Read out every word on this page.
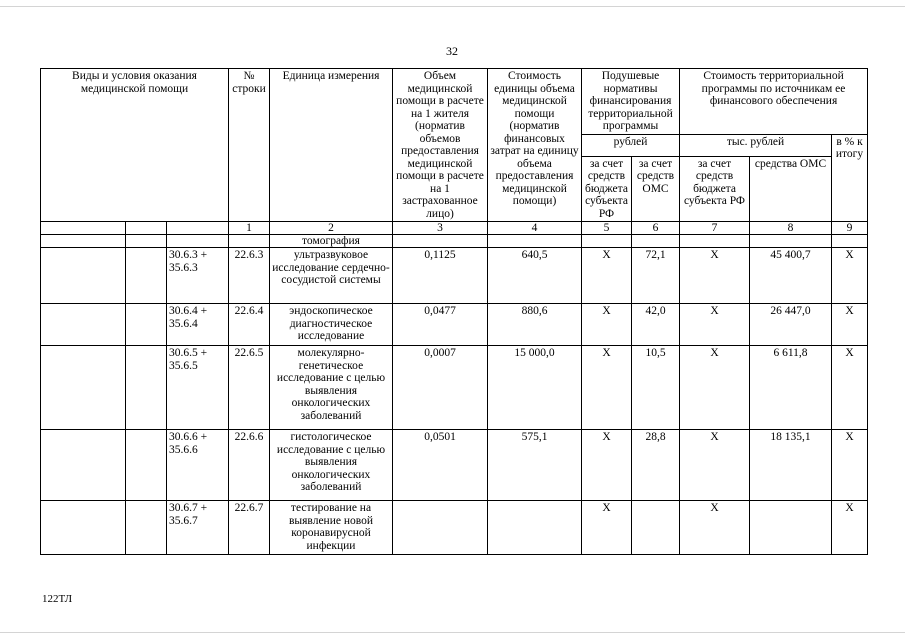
32
Виды и условия оказания медицинской помощи			№ строки	Единица измерения	Объем медицинской помощи в расчете на 1 жителя (норматив объемов предоставления медицинской помощи в расчете на 1 застрахованное лицо)	Стоимость единицы объема медицинской помощи (норматив финансовых затрат на единицу объема предоставления медицинской помощи)	Подушевые нормативы финансирования территориальной программы		Стоимость территориальной программы по источникам ее финансового обеспечения		
							рублей		тыс. рублей		в % к итогу
							за счет средств бюджета субъекта РФ	за счет средств ОМС	за счет средств бюджета субъекта РФ	средства ОМС	
			1	2	3	4	5	6	7	8	9
				томография							
		30.6.3 + 35.6.3	22.6.3	ультразвуковое исследование сердечно-сосудистой системы	0,1125	640,5	Х	72,1	Х	45 400,7	Х
		30.6.4 + 35.6.4	22.6.4	эндоскопическое диагностическое исследование	0,0477	880,6	Х	42,0	Х	26 447,0	Х
		30.6.5 + 35.6.5	22.6.5	молекулярно-генетическое исследование с целью выявления онкологических заболеваний	0,0007	15 000,0	Х	10,5	Х	6 611,8	Х
		30.6.6 + 35.6.6	22.6.6	гистологическое исследование с целью выявления онкологических заболеваний	0,0501	575,1	Х	28,8	Х	18 135,1	Х
		30.6.7 + 35.6.7	22.6.7	тестирование на выявление новой коронавирусной инфекции			Х		Х		Х
122ТЛ
